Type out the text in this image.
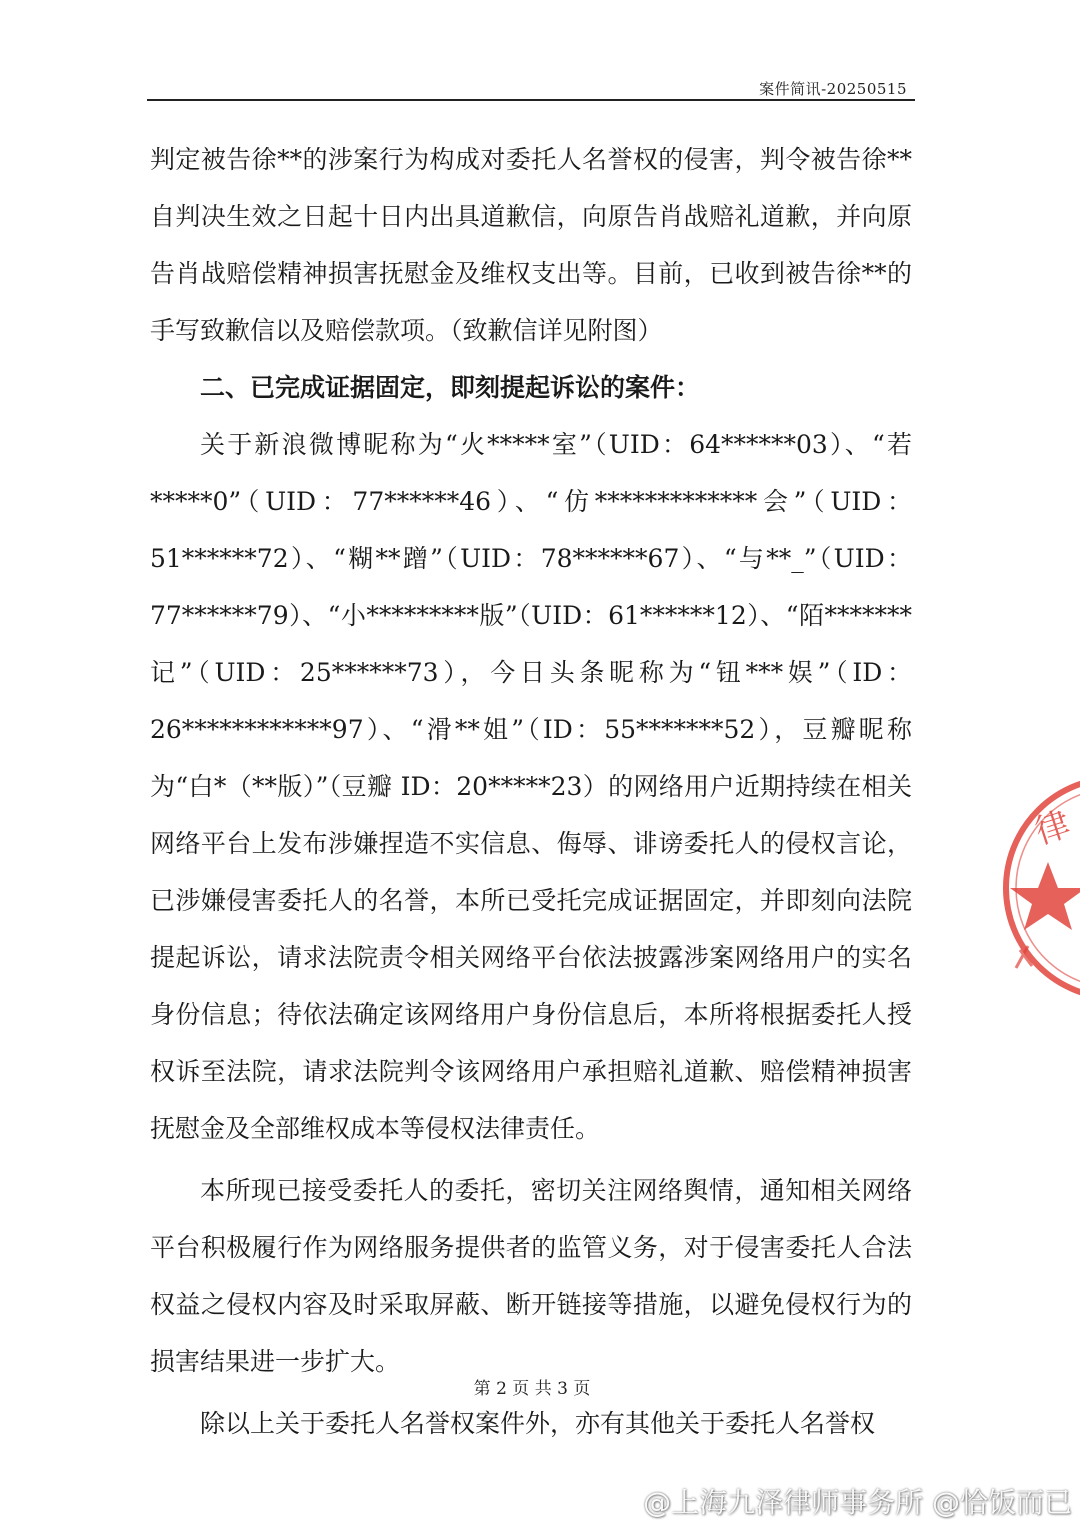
案件简讯-20250515

判定被告徐**的涉案行为构成对委托人名誉权的侵害，判令被告徐**自判决生效之日起十日内出具道歉信，向原告肖战赔礼道歉，并向原告肖战赔偿精神损害抚慰金及维权支出等。目前，已收到被告徐**的手写致歉信以及赔偿款项。（致歉信详见附图）

二、已完成证据固定，即刻提起诉讼的案件：

关于新浪微博昵称为“火*****室”（UID：64******03）、“若*****0”（UID：77******46）、“仿*************会”（UID：51******72）、“糊**蹭”（UID：78******67）、“与**_”（UID：77******79）、“小*********版”（UID：61******12）、“陌*******记”（UID：25******73），今日头条昵称为“钮***娱”（ID：26************97）、“滑**姐”（ID：55*******52），豆瓣昵称为“白*（**版）”（豆瓣 ID：20*****23）的网络用户近期持续在相关网络平台上发布涉嫌捏造不实信息、侮辱、诽谤委托人的侵权言论，已涉嫌侵害委托人的名誉，本所已受托完成证据固定，并即刻向法院提起诉讼，请求法院责令相关网络平台依法披露涉案网络用户的实名身份信息；待依法确定该网络用户身份信息后，本所将根据委托人授权诉至法院，请求法院判令该网络用户承担赔礼道歉、赔偿精神损害抚慰金及全部维权成本等侵权法律责任。

本所现已接受委托人的委托，密切关注网络舆情，通知相关网络平台积极履行作为网络服务提供者的监管义务，对于侵害委托人合法权益之侵权内容及时采取屏蔽、断开链接等措施，以避免侵权行为的损害结果进一步扩大。

除以上关于委托人名誉权案件外，亦有其他关于委托人名誉权

第 2 页 共 3 页
律
@上海九泽律师事务所 @恰饭而已
